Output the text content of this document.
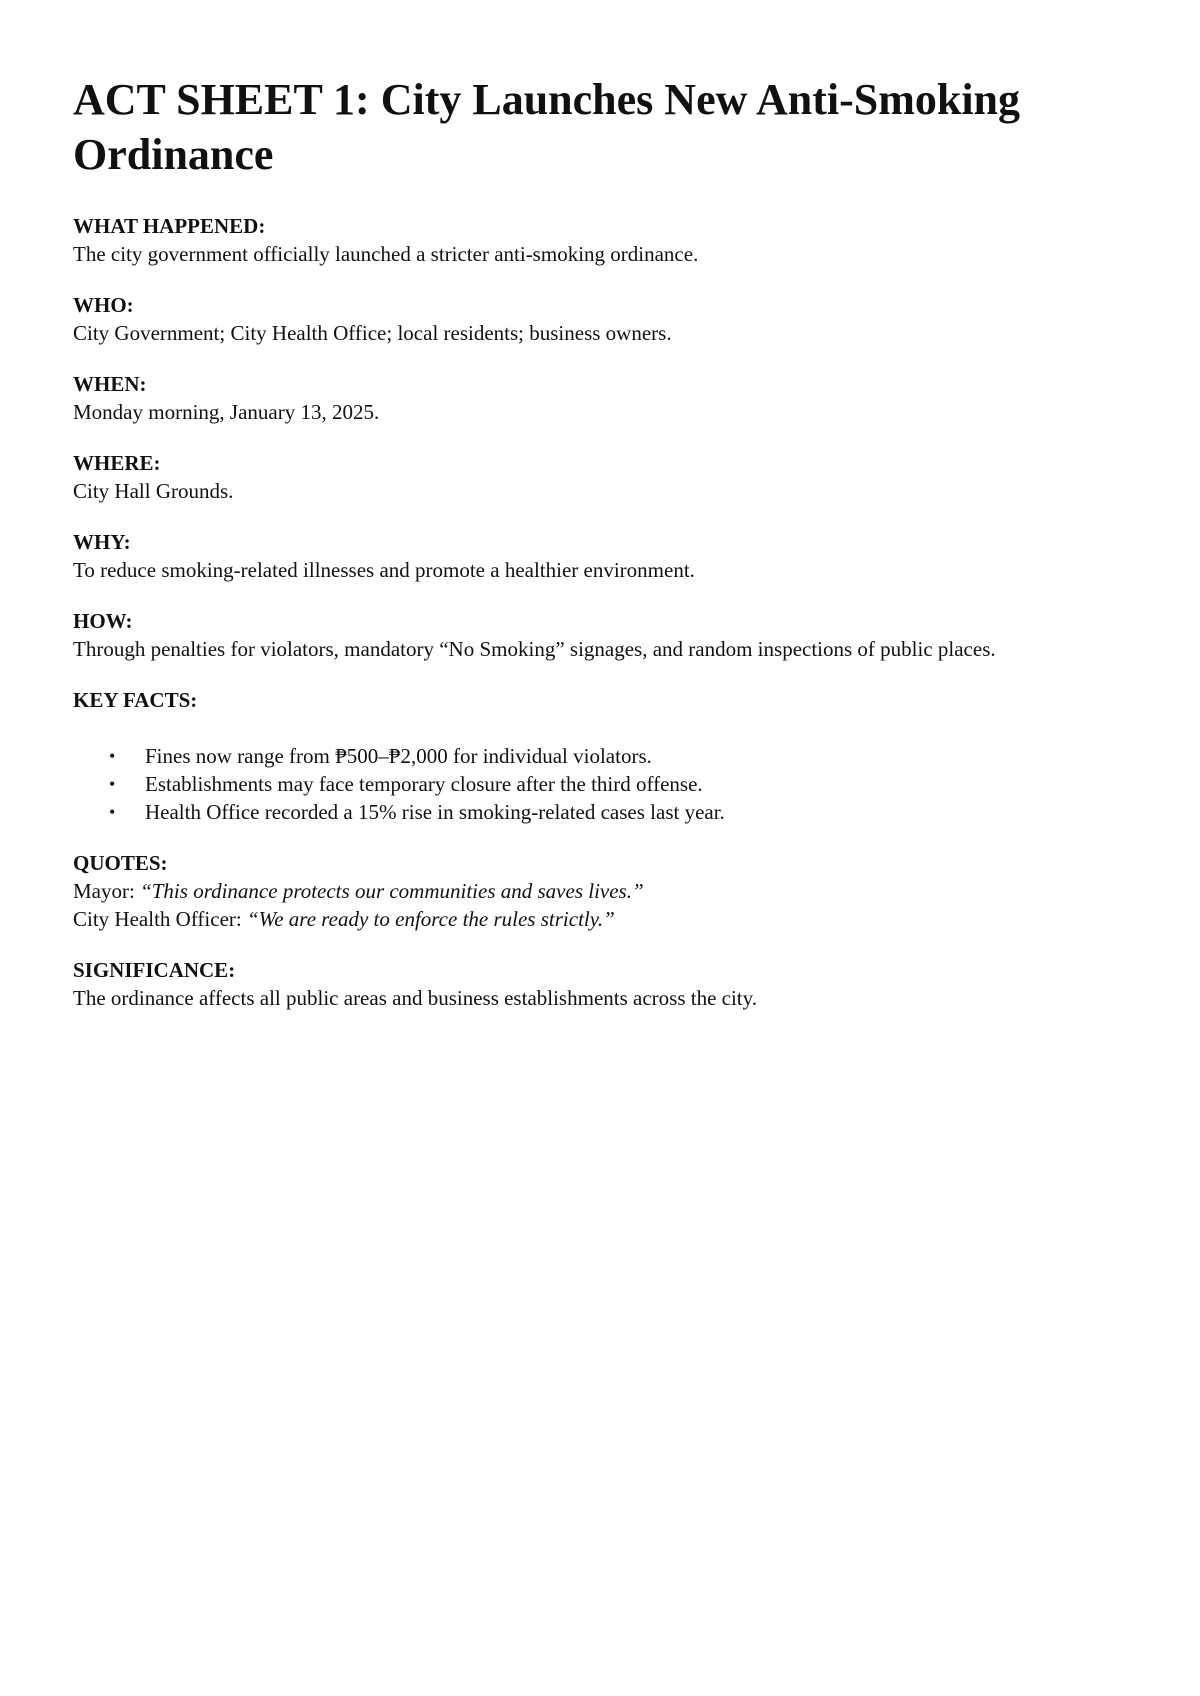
ACT SHEET 1: City Launches New Anti-Smoking Ordinance
WHAT HAPPENED:
The city government officially launched a stricter anti-smoking ordinance.
WHO:
City Government; City Health Office; local residents; business owners.
WHEN:
Monday morning, January 13, 2025.
WHERE:
City Hall Grounds.
WHY:
To reduce smoking-related illnesses and promote a healthier environment.
HOW:
Through penalties for violators, mandatory “No Smoking” signages, and random inspections of public places.
KEY FACTS:
• Fines now range from ₱500–₱2,000 for individual violators.
• Establishments may face temporary closure after the third offense.
• Health Office recorded a 15% rise in smoking-related cases last year.
QUOTES:
Mayor: “This ordinance protects our communities and saves lives.”
City Health Officer: “We are ready to enforce the rules strictly.”
SIGNIFICANCE:
The ordinance affects all public areas and business establishments across the city.
